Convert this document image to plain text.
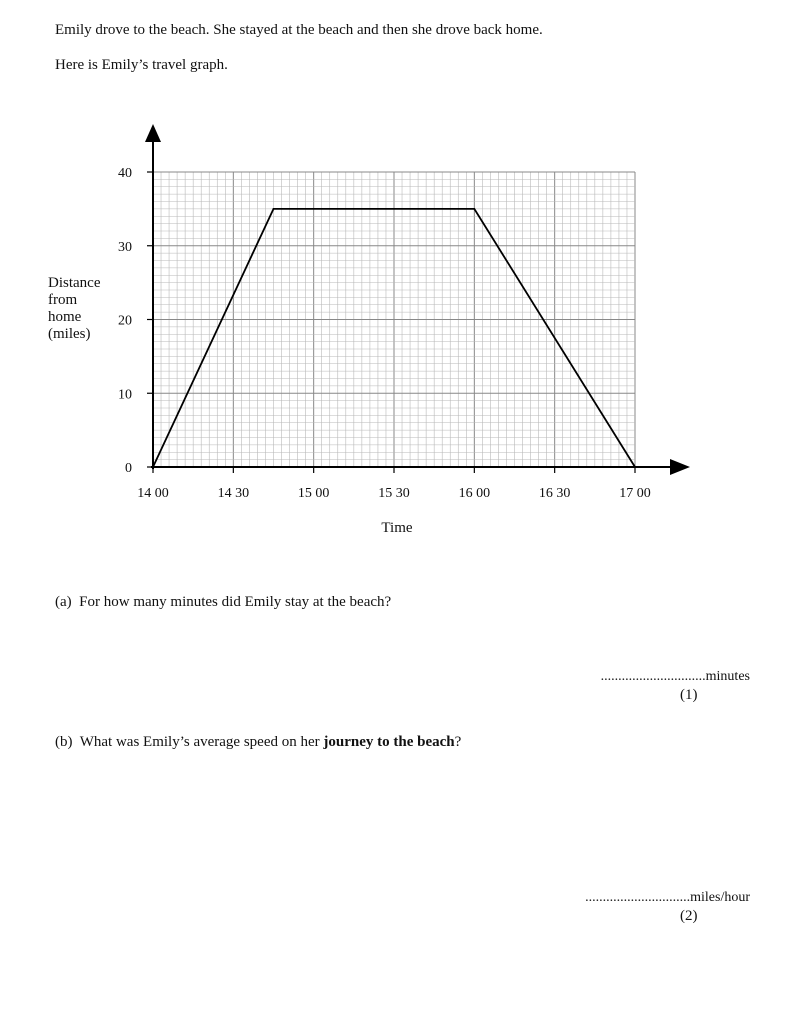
Emily drove to the beach. She stayed at the beach and then she drove back home.
Here is Emily’s travel graph.
0
10
20
30
40
14 00	14 30	15 00	15 30	16 00	16 30	17 00
Time
Distance
from
home
(miles)
(a) For how many minutes did Emily stay at the beach?
..............................minutes
(1)
(b) What was Emily’s average speed on her journey to the beach?
..............................miles/hour
(2)
